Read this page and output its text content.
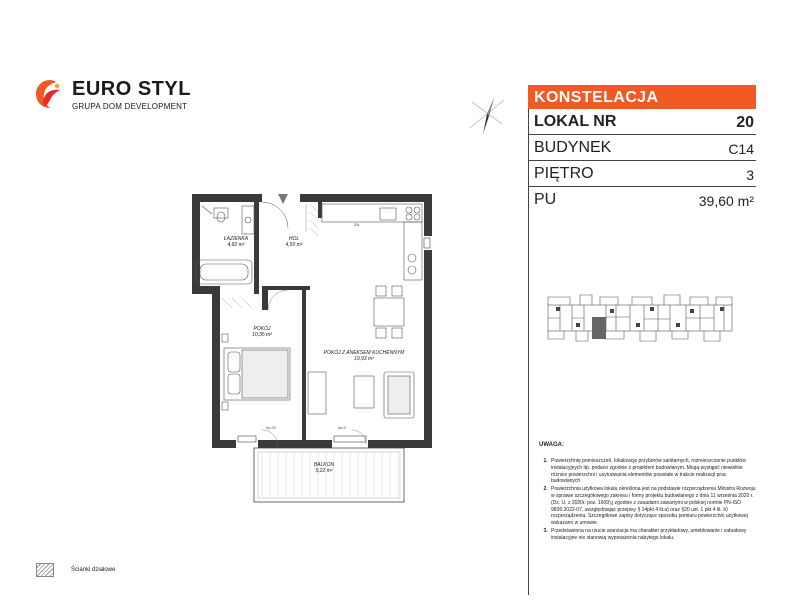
EURO STYL
GRUPA DOM DEVELOPMENT
KONSTELACJA
LOKAL NR	20
BUDYNEK	C14
PIĘTRO	3
PU	39,60 m²
ŁAZIENKA
4,82 m²
HOL
4,50 m²
POKÓJ
10,35 m²
POKÓJ Z ANEKSEM KUCHENNYM
19,93 m²
BALKON
5,22 m²
ZN
W
hp=30	hp=3
UWAGA:
1. Powierzchnię pomieszczeń, lokalizację przyborów sanitarnych, rozmieszczenie punktów instalacyjnych itp. podano zgodnie z projektem budowlanym. Mogą wystąpić niewielkie różnice powierzchni i usytuowania elementów powstałe w trakcie realizacji prac budowlanych
2. Powierzchnia użytkowa lokalu określona jest na podstawie rozporządzenia Ministra Rozwoju w sprawie szczegółowego zakresu i formy projektu budowlanego z dnia 11 września 2020 r. (Dz. U. z 2020r. poz. 1609),j zgodnie z zasadami zawartymi w polskiej normie PN-ISO 9836:2022-07, uwzględniając przepisy § 14pkt 4 lit.a) oraz §20 ust. 1 pkt 4 lit. b) rozporządzenia. Szczegółowe zapisy dotyczące sposobu pomiaru powierzchni użytkowej wskazano w umowie.
3. Przedstawiona na rzucie aranżacja ma charakter przykładowy, umeblowanie i zabudowy instalacyjne nie stanowią wyposażenia nabytego lokalu.
Ścianki działowe
